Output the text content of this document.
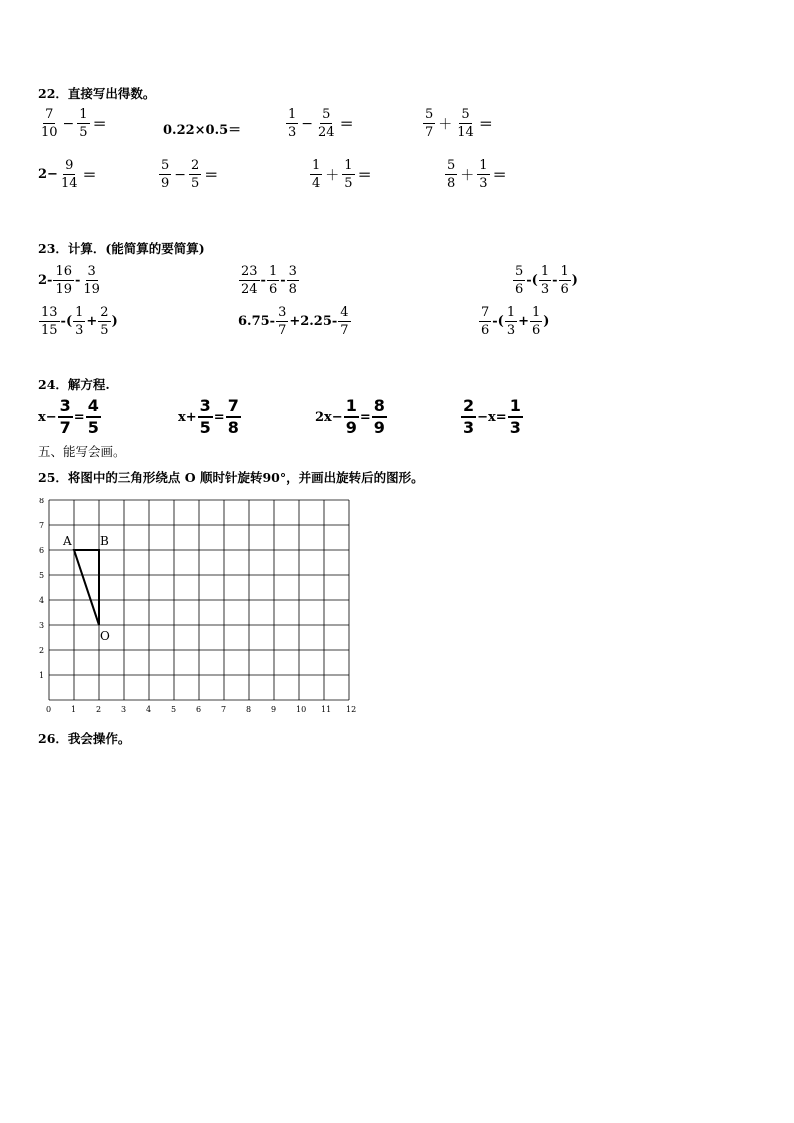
22．直接写出得数。
$\frac{7}{10} - \frac{1}{5}$ ＝	0.22×0.5＝	$\frac{1}{3} - \frac{5}{24}$ ＝	$\frac{5}{7} + \frac{5}{14}$ ＝
$2- \frac{9}{14}$ ＝	$\frac{5}{9} - \frac{2}{5}$ ＝	$\frac{1}{4} + \frac{1}{5}$ ＝	$\frac{5}{8} + \frac{1}{3}$ ＝
23．计算．(能简算的要简算)
$2- \frac{16}{19} - \frac{3}{19}$	$\frac{23}{24} - \frac{1}{6} - \frac{3}{8}$	$\frac{5}{6}$ -( $\frac{1}{3} - \frac{1}{6}$ )
$\frac{13}{15}$ -( $\frac{1}{3} + \frac{2}{5}$ )	$6.75- \frac{3}{7} +2.25- \frac{4}{7}$	$\frac{7}{6}$ -( $\frac{1}{3} + \frac{1}{6}$ )
24．解方程.
$x- \frac{3}{7} = \frac{4}{5}$	$x+ \frac{3}{5} = \frac{7}{8}$	$2x- \frac{1}{9} = \frac{8}{9}$	$\frac{2}{3} -x= \frac{1}{3}$
五、能写会画。
25．将图中的三角形绕点 O 顺时针旋转90°，并画出旋转后的图形。
0 1 2 3 4 5 6 7 8 9 10 11 12
1
2
3
4
5
6
7
8
A B
O
26．我会操作。
